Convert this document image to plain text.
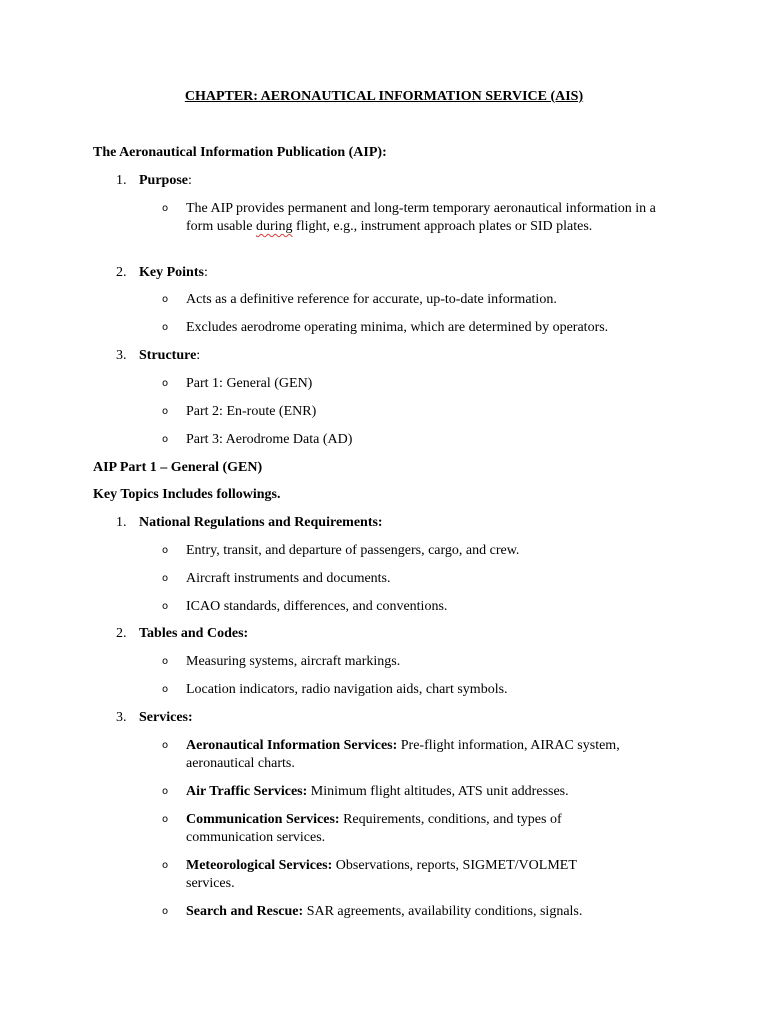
CHAPTER: AERONAUTICAL INFORMATION SERVICE (AIS)
The Aeronautical Information Publication (AIP):
1. Purpose:
o The AIP provides permanent and long-term temporary aeronautical information in a form usable during flight, e.g., instrument approach plates or SID plates.
2. Key Points:
o Acts as a definitive reference for accurate, up-to-date information.
o Excludes aerodrome operating minima, which are determined by operators.
3. Structure:
o Part 1: General (GEN)
o Part 2: En-route (ENR)
o Part 3: Aerodrome Data (AD)
AIP Part 1 – General (GEN)
Key Topics Includes followings.
1. National Regulations and Requirements:
o Entry, transit, and departure of passengers, cargo, and crew.
o Aircraft instruments and documents.
o ICAO standards, differences, and conventions.
2. Tables and Codes:
o Measuring systems, aircraft markings.
o Location indicators, radio navigation aids, chart symbols.
3. Services:
o Aeronautical Information Services: Pre-flight information, AIRAC system, aeronautical charts.
o Air Traffic Services: Minimum flight altitudes, ATS unit addresses.
o Communication Services: Requirements, conditions, and types of communication services.
o Meteorological Services: Observations, reports, SIGMET/VOLMET services.
o Search and Rescue: SAR agreements, availability conditions, signals.
